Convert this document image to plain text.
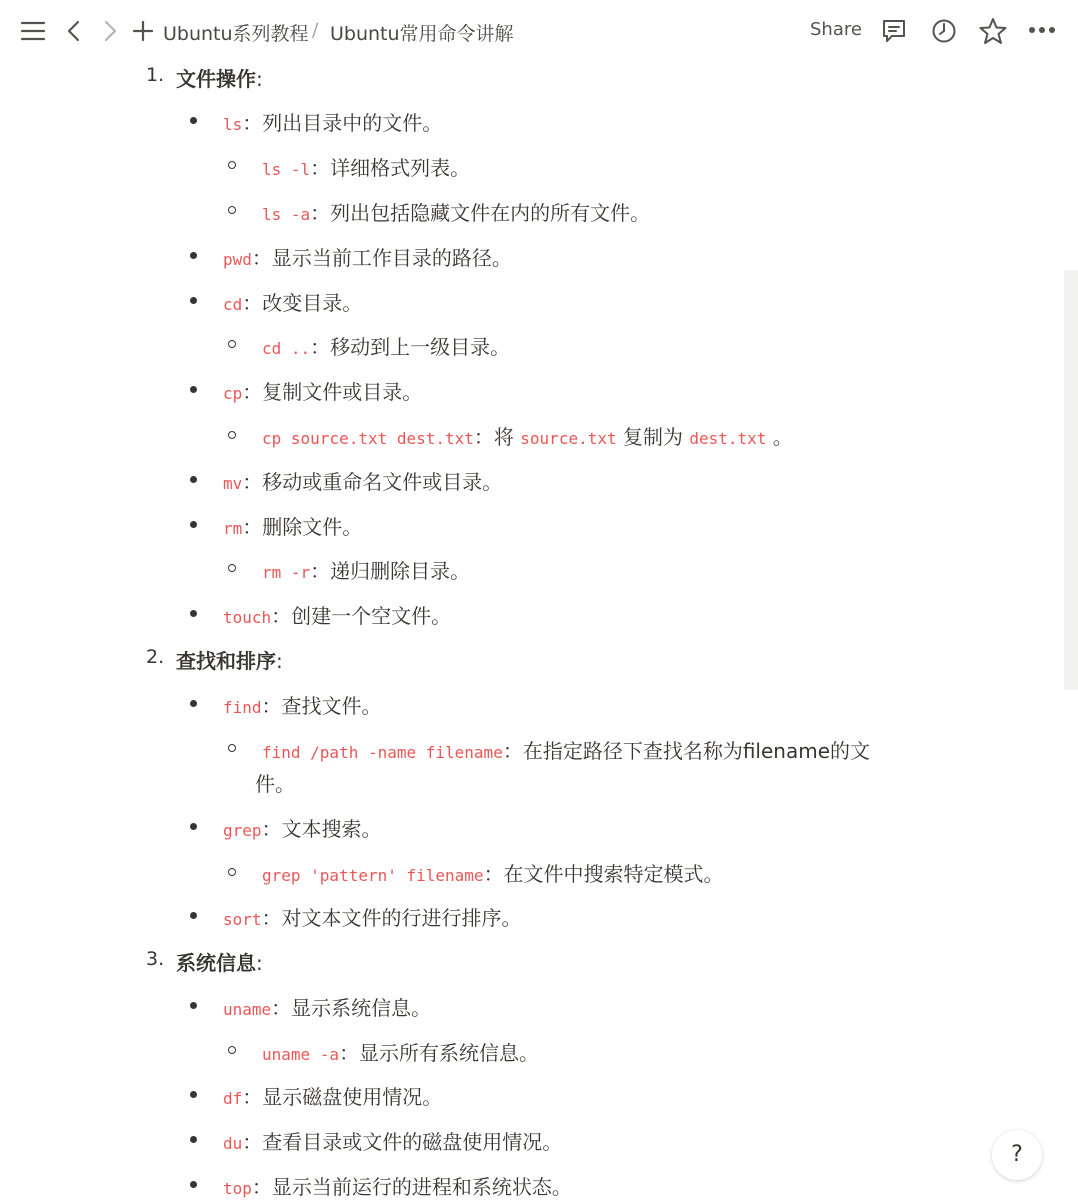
Ubuntu系列教程 / Ubuntu常用命令讲解	Share
1. 文件操作:
ls：列出目录中的文件。
ls -l：详细格式列表。
ls -a：列出包括隐藏文件在内的所有文件。
pwd：显示当前工作目录的路径。
cd：改变目录。
cd ..：移动到上一级目录。
cp：复制文件或目录。
cp source.txt dest.txt：将 source.txt 复制为 dest.txt 。
mv：移动或重命名文件或目录。
rm：删除文件。
rm -r：递归删除目录。
touch：创建一个空文件。
2. 查找和排序:
find：查找文件。
find /path -name filename：在指定路径下查找名称为filename的文
件。
grep：文本搜索。
grep 'pattern' filename：在文件中搜索特定模式。
sort：对文本文件的行进行排序。
3. 系统信息:
uname：显示系统信息。
uname -a：显示所有系统信息。
df：显示磁盘使用情况。
du：查看目录或文件的磁盘使用情况。
top：显示当前运行的进程和系统状态。
?
